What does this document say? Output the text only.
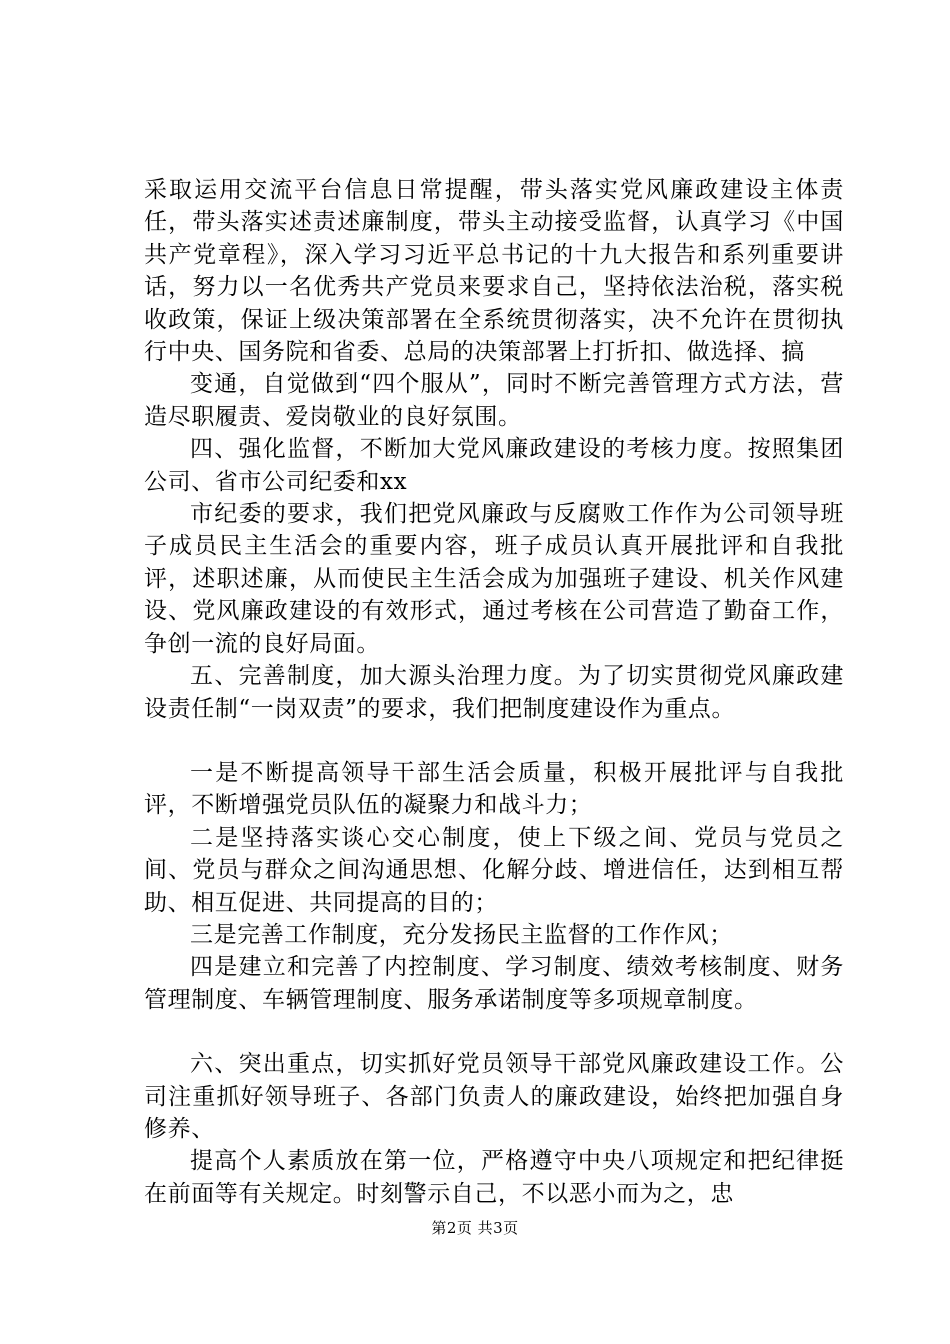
采取运用交流平台信息日常提醒，带头落实党风廉政建设主体责任，带头落实述责述廉制度，带头主动接受监督，认真学习《中国共产党章程》，深入学习习近平总书记的十九大报告和系列重要讲话，努力以一名优秀共产党员来要求自己，坚持依法治税，落实税收政策，保证上级决策部署在全系统贯彻落实，决不允许在贯彻执行中央、国务院和省委、总局的决策部署上打折扣、做选择、搞

变通，自觉做到“四个服从”，同时不断完善管理方式方法，营造尽职履责、爱岗敬业的良好氛围。

四、强化监督，不断加大党风廉政建设的考核力度。按照集团公司、省市公司纪委和xx

市纪委的要求，我们把党风廉政与反腐败工作作为公司领导班子成员民主生活会的重要内容，班子成员认真开展批评和自我批评，述职述廉，从而使民主生活会成为加强班子建设、机关作风建设、党风廉政建设的有效形式，通过考核在公司营造了勤奋工作，争创一流的良好局面。

五、完善制度，加大源头治理力度。为了切实贯彻党风廉政建设责任制“一岗双责”的要求，我们把制度建设作为重点。

一是不断提高领导干部生活会质量，积极开展批评与自我批评，不断增强党员队伍的凝聚力和战斗力；

二是坚持落实谈心交心制度，使上下级之间、党员与党员之间、党员与群众之间沟通思想、化解分歧、增进信任，达到相互帮助、相互促进、共同提高的目的；

三是完善工作制度，充分发扬民主监督的工作作风；

四是建立和完善了内控制度、学习制度、绩效考核制度、财务管理制度、车辆管理制度、服务承诺制度等多项规章制度。

六、突出重点，切实抓好党员领导干部党风廉政建设工作。公司注重抓好领导班子、各部门负责人的廉政建设，始终把加强自身修养、

提高个人素质放在第一位，严格遵守中央八项规定和把纪律挺在前面等有关规定。时刻警示自己，不以恶小而为之，忠

第2页 共3页
